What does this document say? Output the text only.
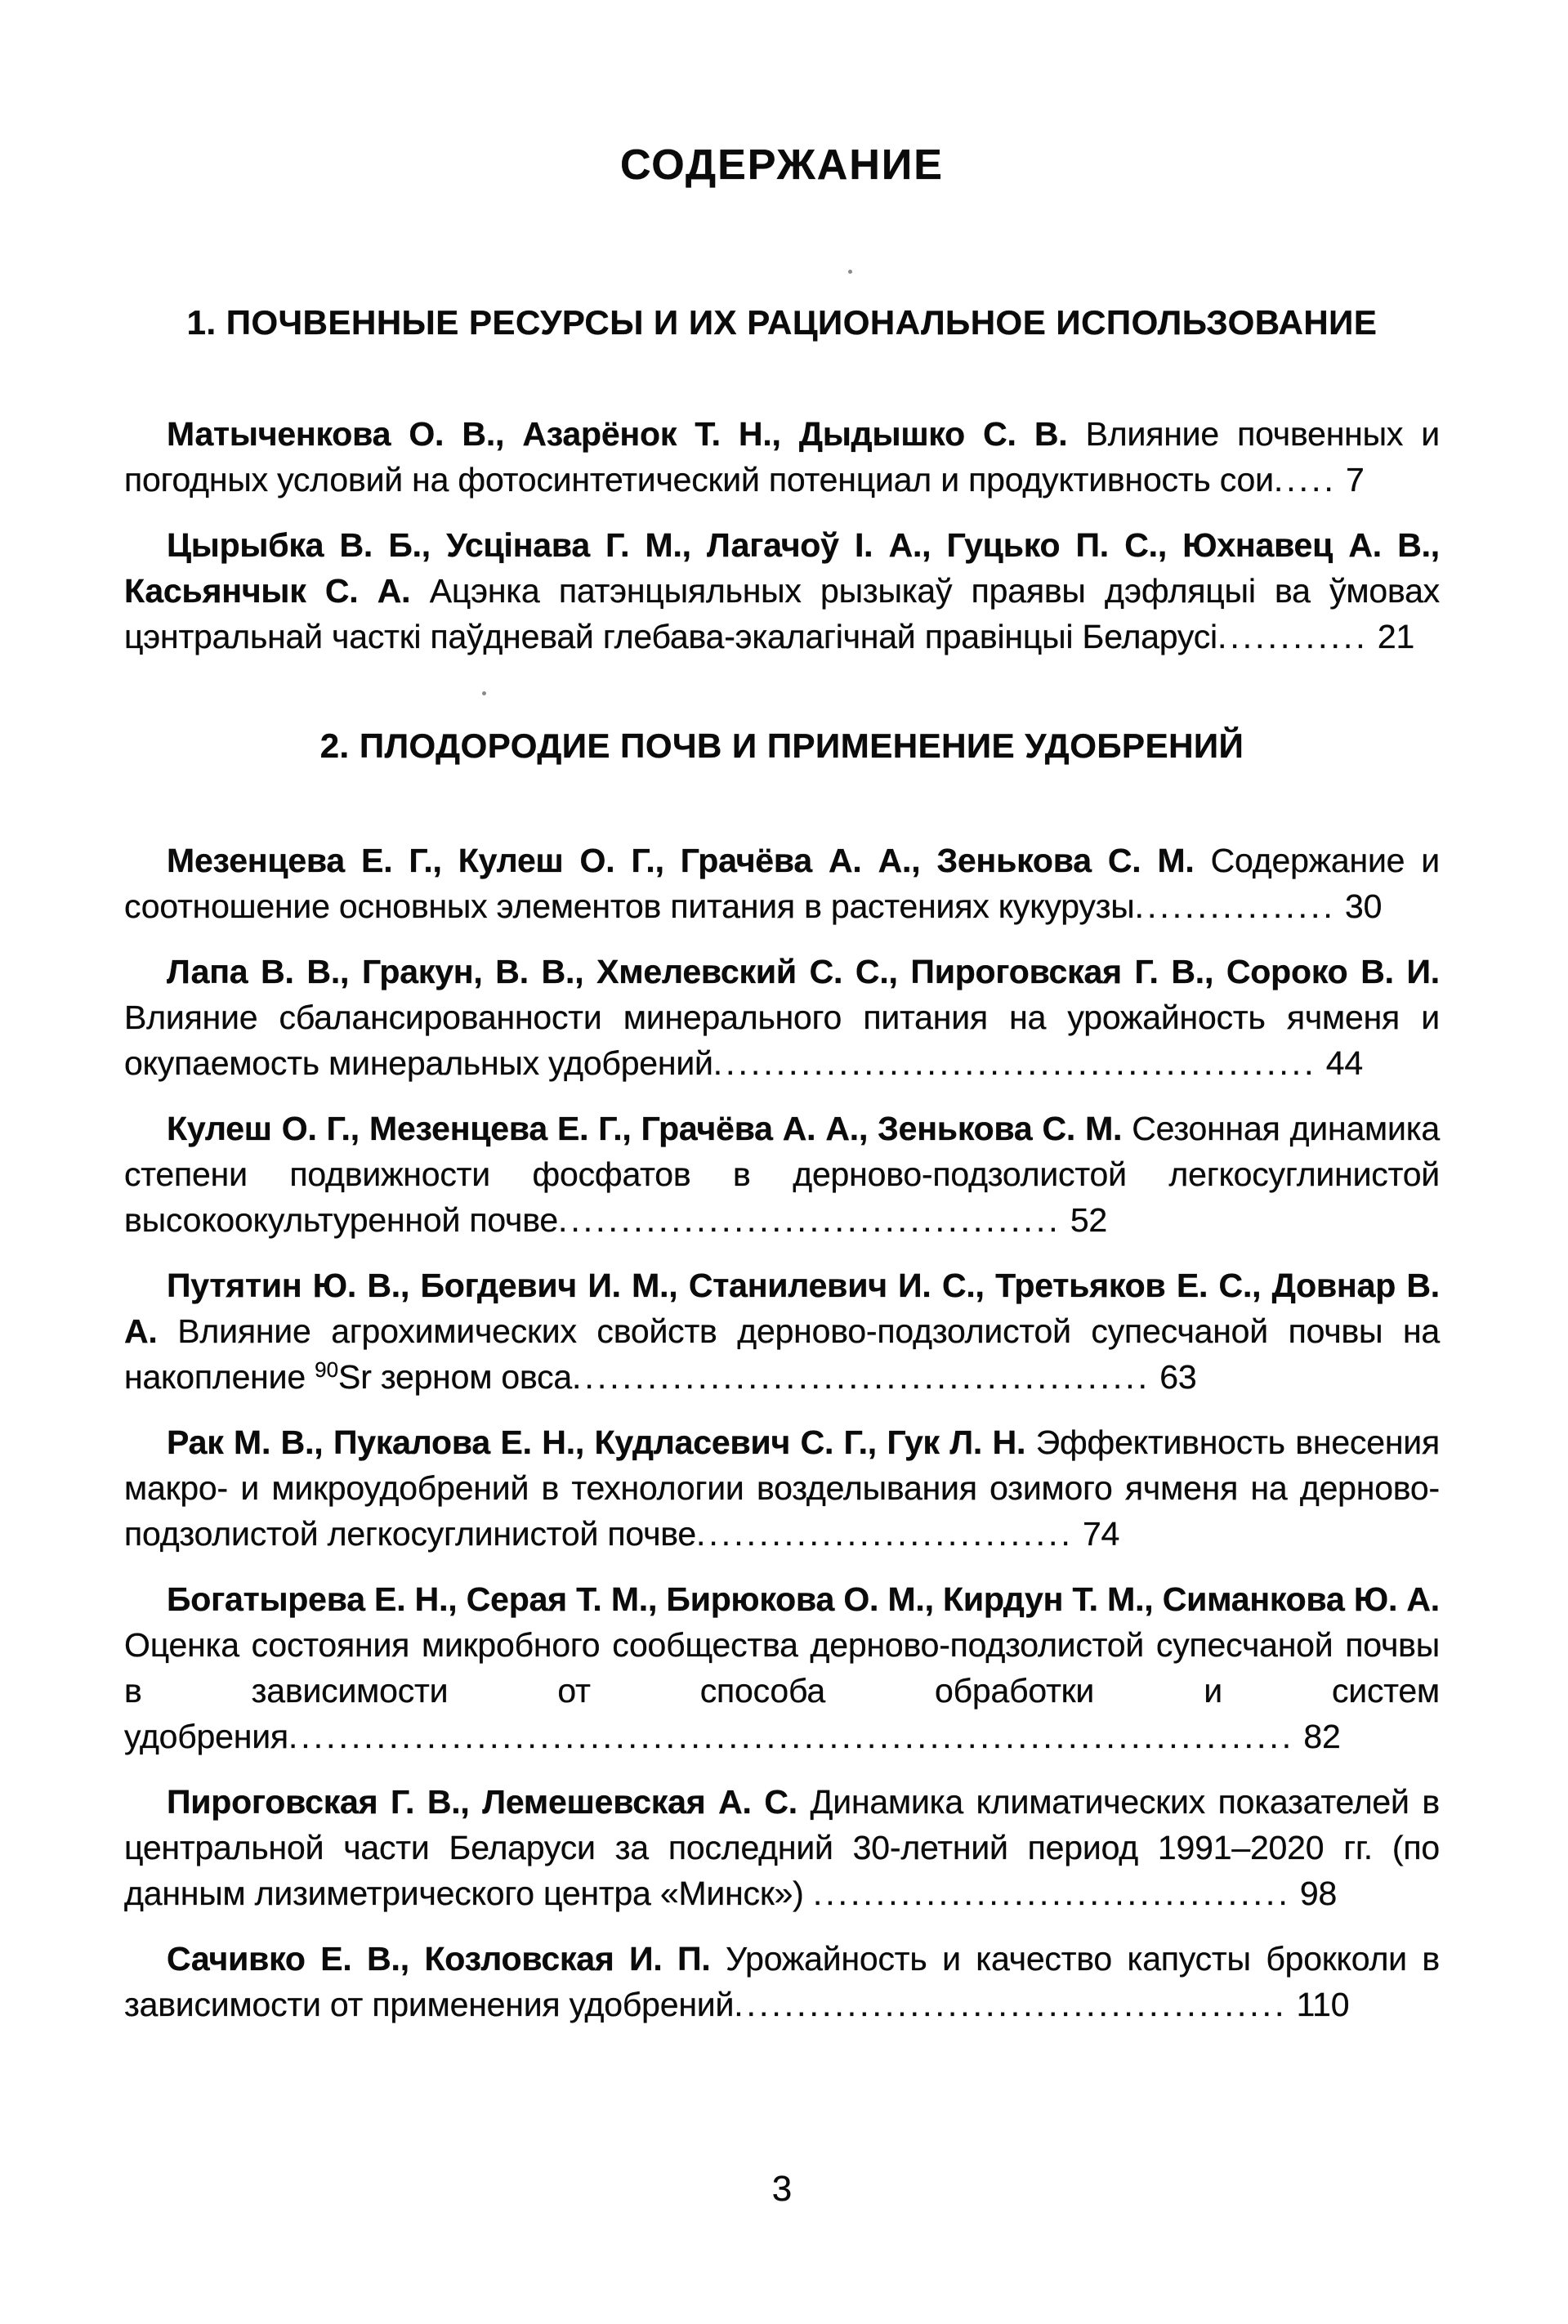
СОДЕРЖАНИЕ
1. ПОЧВЕННЫЕ РЕСУРСЫ И ИХ РАЦИОНАЛЬНОЕ ИСПОЛЬЗОВАНИЕ

Матыченкова О. В., Азарёнок Т. Н., Дыдышко С. В. Влияние почвенных и погодных условий на фотосинтетический потенциал и продуктивность сои..... 7

Цырыбка В. Б., Усцінава Г. М., Лагачоў І. А., Гуцько П. С., Юхнавец А. В., Касьянчык С. А. Ацэнка патэнцыяльных рызыкаў праявы дэфляцыі ва ўмовах цэнтральнай часткі паўдневай глебава-экалагічнай правінцыі Беларусі............ 21

2. ПЛОДОРОДИЕ ПОЧВ И ПРИМЕНЕНИЕ УДОБРЕНИЙ

Мезенцева Е. Г., Кулеш О. Г., Грачёва А. А., Зенькова С. М. Содержание и соотношение основных элементов питания в растениях кукурузы................ 30

Лапа В. В., Гракун, В. В., Хмелевский С. С., Пироговская Г. В., Сороко В. И. Влияние сбалансированности минерального питания на урожайность ячменя и окупаемость минеральных удобрений................................................ 44

Кулеш О. Г., Мезенцева Е. Г., Грачёва А. А., Зенькова С. М. Сезонная динамика степени подвижности фосфатов в дерново-подзолистой легкосуглинистой высокоокультуренной почве........................................ 52

Путятин Ю. В., Богдевич И. М., Станилевич И. С., Третьяков Е. С., Довнар В. А. Влияние агрохимических свойств дерново-подзолистой супесчаной почвы на накопление $^{90}$Sr зерном овса.............................................. 63

Рак М. В., Пукалова Е. Н., Кудласевич С. Г., Гук Л. Н. Эффективность внесения макро- и микроудобрений в технологии возделывания озимого ячменя на дерново-подзолистой легкосуглинистой почве.............................. 74

Богатырева Е. Н., Серая Т. М., Бирюкова О. М., Кирдун Т. М., Симанкова Ю. А. Оценка состояния микробного сообщества дерново-подзолистой супесчаной почвы в зависимости от способа обработки и систем удобрения................................................................................ 82

Пироговская Г. В., Лемешевская А. С. Динамика климатических показателей в центральной части Беларуси за последний 30-летний период 1991–2020 гг. (по данным лизиметрического центра «Минск») ...................................... 98

Сачивко Е. В., Козловская И. П. Урожайность и качество капусты брокколи в зависимости от применения удобрений............................................ 110

3
